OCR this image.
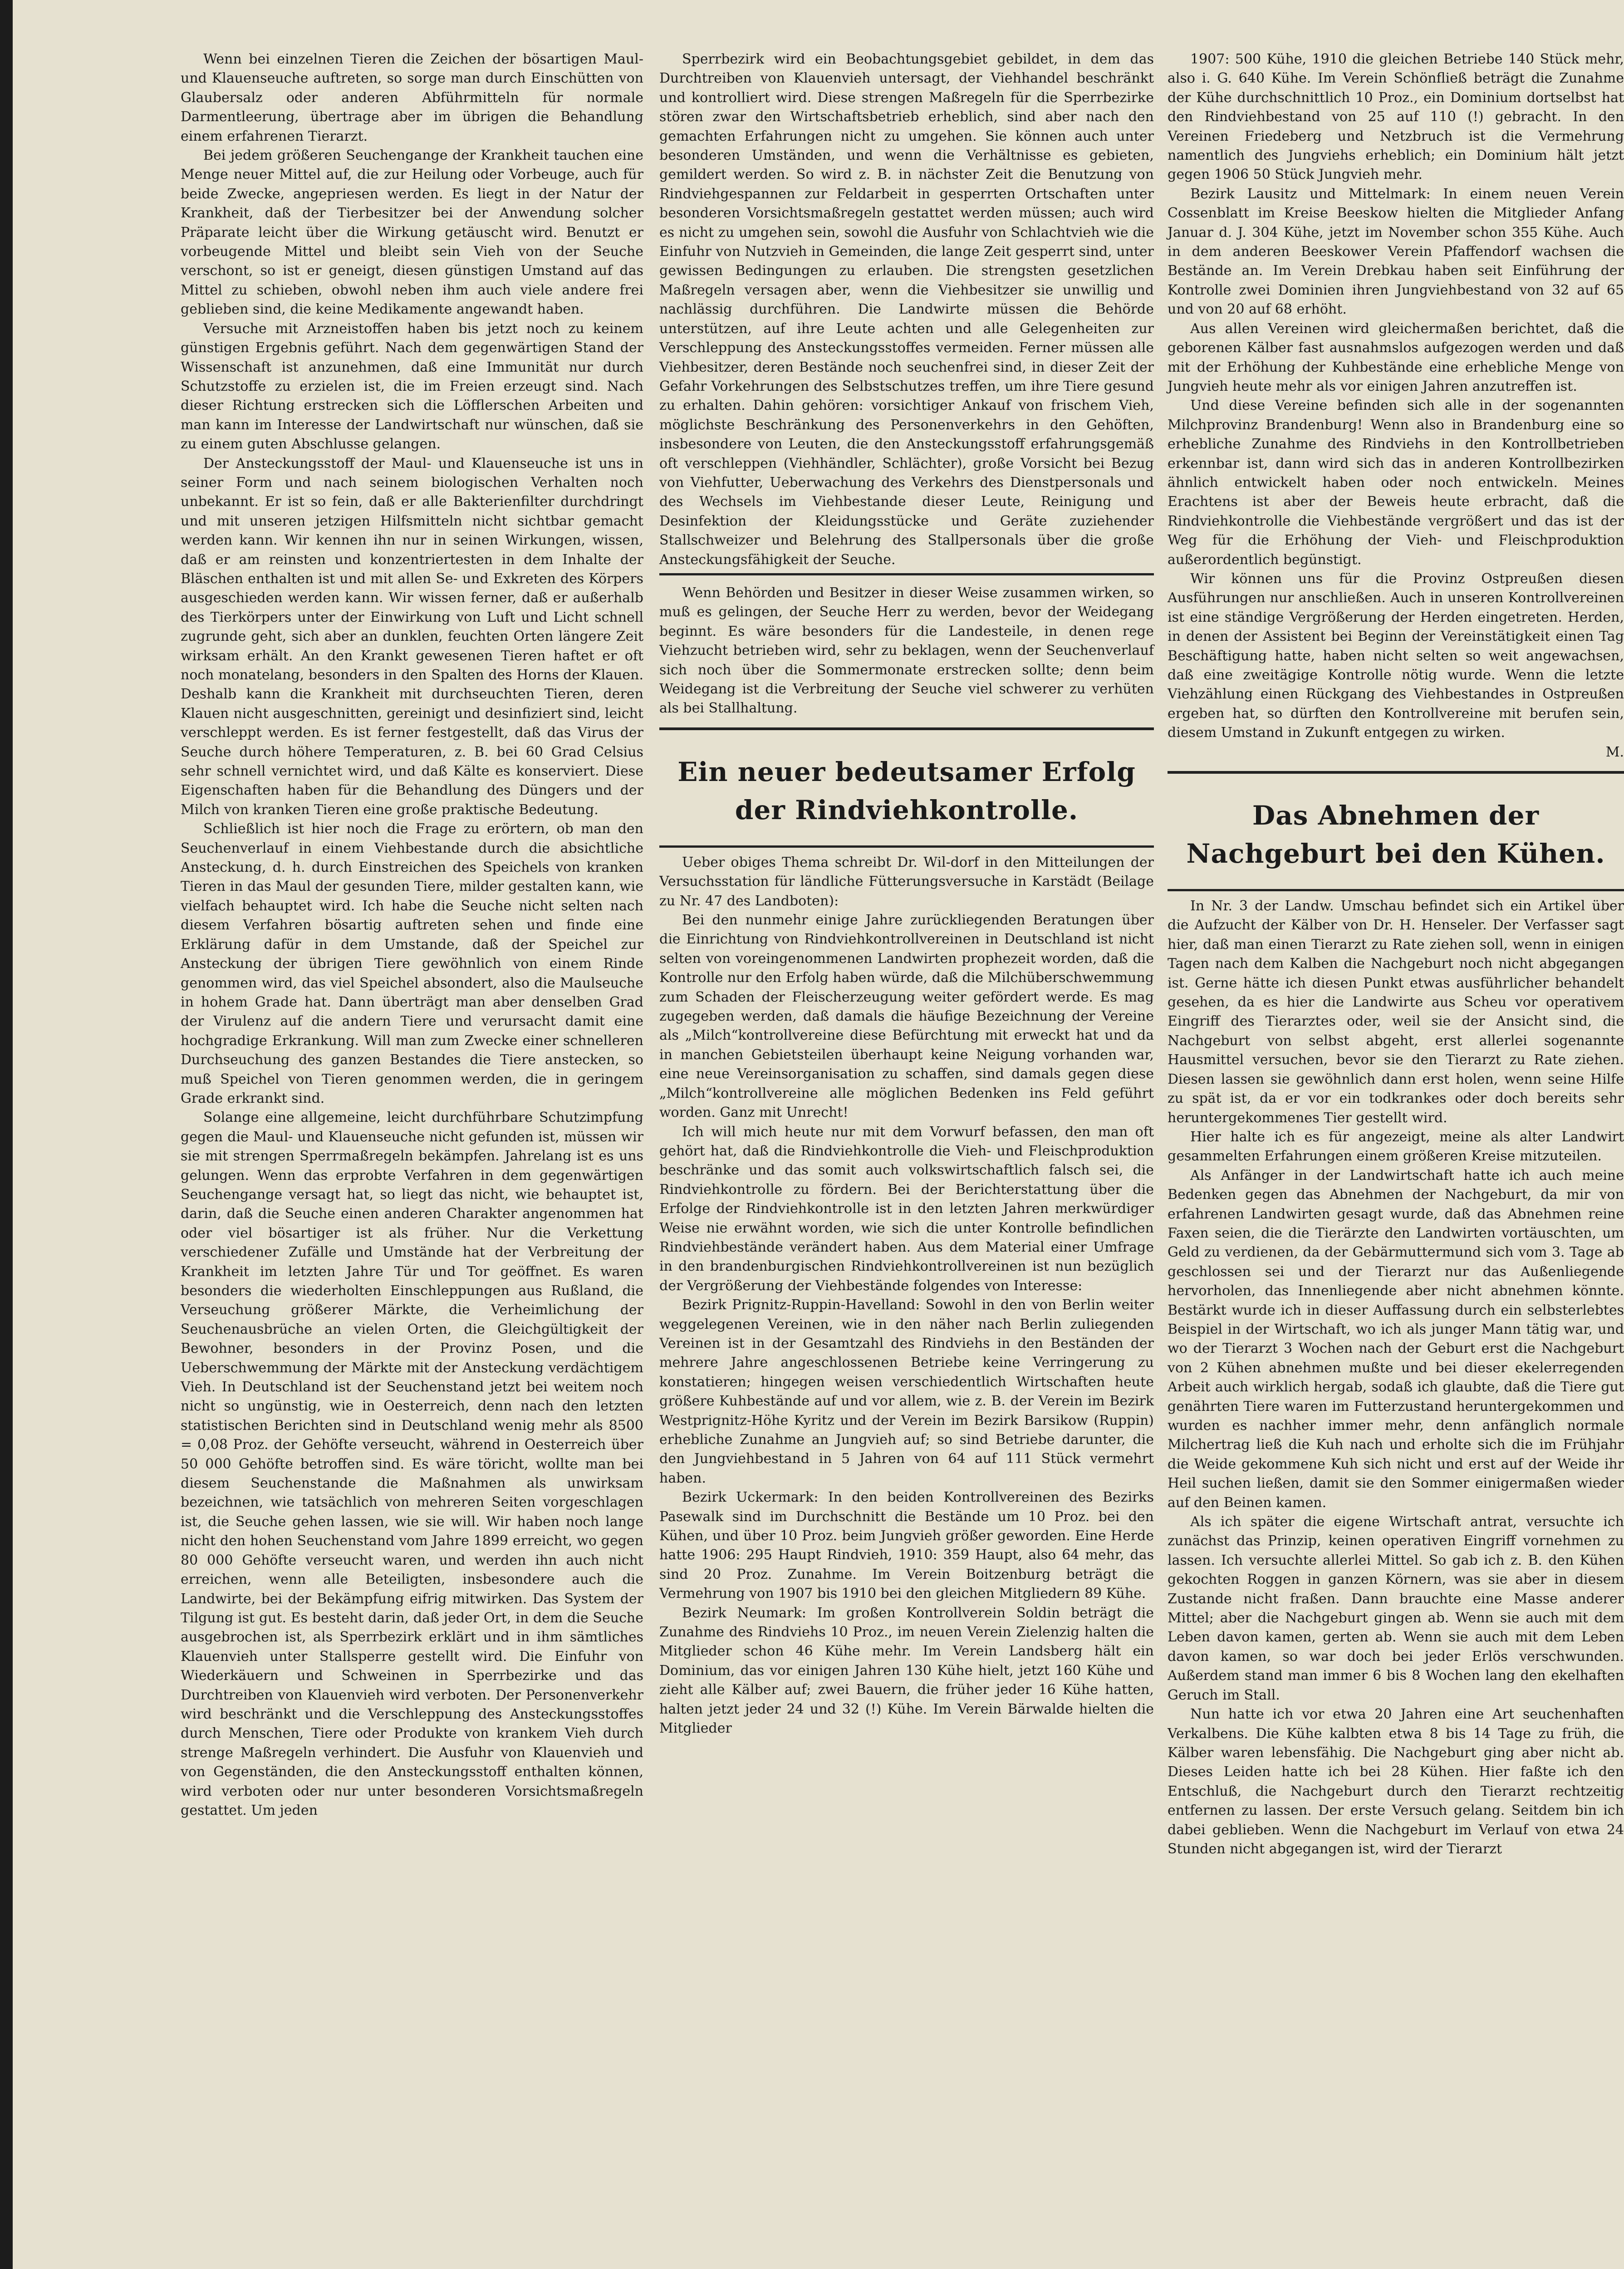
Wenn bei einzelnen Tieren die Zeichen der bösartigen Maul- und Klauenseuche auftreten, so sorge man durch Einschütten von Glaubersalz oder anderen Abführmitteln für normale Darmentleerung, übertrage aber im übrigen die Behandlung einem erfahrenen Tierarzt.

Bei jedem größeren Seuchengange der Krankheit tauchen eine Menge neuer Mittel auf, die zur Heilung oder Vorbeuge, auch für beide Zwecke, angepriesen werden. Es liegt in der Natur der Krankheit, daß der Tierbesitzer bei der Anwendung solcher Präparate leicht über die Wirkung getäuscht wird. Benutzt er vorbeugende Mittel und bleibt sein Vieh von der Seuche verschont, so ist er geneigt, diesen günstigen Umstand auf das Mittel zu schieben, obwohl neben ihm auch viele andere frei geblieben sind, die keine Medikamente angewandt haben.

Versuche mit Arzneistoffen haben bis jetzt noch zu keinem günstigen Ergebnis geführt. Nach dem gegenwärtigen Stand der Wissenschaft ist anzunehmen, daß eine Immunität nur durch Schutzstoffe zu erzielen ist, die im Freien erzeugt sind. Nach dieser Richtung erstrecken sich die Löfflerschen Arbeiten und man kann im Interesse der Landwirtschaft nur wünschen, daß sie zu einem guten Abschlusse gelangen.

Der Ansteckungsstoff der Maul- und Klauenseuche ist uns in seiner Form und nach seinem biologischen Verhalten noch unbekannt. Er ist so fein, daß er alle Bakterienfilter durchdringt und mit unseren jetzigen Hilfsmitteln nicht sichtbar gemacht werden kann. Wir kennen ihn nur in seinen Wirkungen, wissen, daß er am reinsten und konzentriertesten in dem Inhalte der Bläschen enthalten ist und mit allen Se- und Exkreten des Körpers ausgeschieden werden kann. Wir wissen ferner, daß er außerhalb des Tierkörpers unter der Einwirkung von Luft und Licht schnell zugrunde geht, sich aber an dunklen, feuchten Orten längere Zeit wirksam erhält. An den Krankt gewesenen Tieren haftet er oft noch monatelang, besonders in den Spalten des Horns der Klauen. Deshalb kann die Krankheit mit durchseuchten Tieren, deren Klauen nicht ausgeschnitten, gereinigt und desinfiziert sind, leicht verschleppt werden. Es ist ferner festgestellt, daß das Virus der Seuche durch höhere Temperaturen, z. B. bei 60 Grad Celsius sehr schnell vernichtet wird, und daß Kälte es konserviert. Diese Eigenschaften haben für die Behandlung des Düngers und der Milch von kranken Tieren eine große praktische Bedeutung.

Schließlich ist hier noch die Frage zu erörtern, ob man den Seuchenverlauf in einem Viehbestande durch die absichtliche Ansteckung, d. h. durch Einstreichen des Speichels von kranken Tieren in das Maul der gesunden Tiere, milder gestalten kann, wie vielfach behauptet wird. Ich habe die Seuche nicht selten nach diesem Verfahren bösartig auftreten sehen und finde eine Erklärung dafür in dem Umstande, daß der Speichel zur Ansteckung der übrigen Tiere gewöhnlich von einem Rinde genommen wird, das viel Speichel absondert, also die Maulseuche in hohem Grade hat. Dann überträgt man aber denselben Grad der Virulenz auf die andern Tiere und verursacht damit eine hochgradige Erkrankung. Will man zum Zwecke einer schnelleren Durchseuchung des ganzen Bestandes die Tiere anstecken, so muß Speichel von Tieren genommen werden, die in geringem Grade erkrankt sind.

Solange eine allgemeine, leicht durchführbare Schutzimpfung gegen die Maul- und Klauenseuche nicht gefunden ist, müssen wir sie mit strengen Sperrmaßregeln bekämpfen. Jahrelang ist es uns gelungen. Wenn das erprobte Verfahren in dem gegenwärtigen Seuchengange versagt hat, so liegt das nicht, wie behauptet ist, darin, daß die Seuche einen anderen Charakter angenommen hat oder viel bösartiger ist als früher. Nur die Verkettung verschiedener Zufälle und Umstände hat der Verbreitung der Krankheit im letzten Jahre Tür und Tor geöffnet. Es waren besonders die wiederholten Einschleppungen aus Rußland, die Verseuchung größerer Märkte, die Verheimlichung der Seuchenausbrüche an vielen Orten, die Gleichgültigkeit der Bewohner, besonders in der Provinz Posen, und die Ueberschwemmung der Märkte mit der Ansteckung verdächtigem Vieh. In Deutschland ist der Seuchenstand jetzt bei weitem noch nicht so ungünstig, wie in Oesterreich, denn nach den letzten statistischen Berichten sind in Deutschland wenig mehr als 8500 = 0,08 Proz. der Gehöfte verseucht, während in Oesterreich über 50 000 Gehöfte betroffen sind. Es wäre töricht, wollte man bei diesem Seuchenstande die Maßnahmen als unwirksam bezeichnen, wie tatsächlich von mehreren Seiten vorgeschlagen ist, die Seuche gehen lassen, wie sie will. Wir haben noch lange nicht den hohen Seuchenstand vom Jahre 1899 erreicht, wo gegen 80 000 Gehöfte verseucht waren, und werden ihn auch nicht erreichen, wenn alle Beteiligten, insbesondere auch die Landwirte, bei der Bekämpfung eifrig mitwirken. Das System der Tilgung ist gut. Es besteht darin, daß jeder Ort, in dem die Seuche ausgebrochen ist, als Sperrbezirk erklärt und in ihm sämtliches Klauenvieh unter Stallsperre gestellt wird. Die Einfuhr von Wiederkäuern und Schweinen in Sperrbezirke und das Durchtreiben von Klauenvieh wird verboten. Der Personenverkehr wird beschränkt und die Verschleppung des Ansteckungsstoffes durch Menschen, Tiere oder Produkte von krankem Vieh durch strenge Maßregeln verhindert. Die Ausfuhr von Klauenvieh und von Gegenständen, die den Ansteckungsstoff enthalten können, wird verboten oder nur unter besonderen Vorsichtsmaßregeln gestattet. Um jeden

Sperrbezirk wird ein Beobachtungsgebiet gebildet, in dem das Durchtreiben von Klauenvieh untersagt, der Viehhandel beschränkt und kontrolliert wird. Diese strengen Maßregeln für die Sperrbezirke stören zwar den Wirtschaftsbetrieb erheblich, sind aber nach den gemachten Erfahrungen nicht zu umgehen. Sie können auch unter besonderen Umständen, und wenn die Verhältnisse es gebieten, gemildert werden. So wird z. B. in nächster Zeit die Benutzung von Rindviehgespannen zur Feldarbeit in gesperrten Ortschaften unter besonderen Vorsichtsmaßregeln gestattet werden müssen; auch wird es nicht zu umgehen sein, sowohl die Ausfuhr von Schlachtvieh wie die Einfuhr von Nutzvieh in Gemeinden, die lange Zeit gesperrt sind, unter gewissen Bedingungen zu erlauben. Die strengsten gesetzlichen Maßregeln versagen aber, wenn die Viehbesitzer sie unwillig und nachlässig durchführen. Die Landwirte müssen die Behörde unterstützen, auf ihre Leute achten und alle Gelegenheiten zur Verschleppung des Ansteckungsstoffes vermeiden. Ferner müssen alle Viehbesitzer, deren Bestände noch seuchenfrei sind, in dieser Zeit der Gefahr Vorkehrungen des Selbstschutzes treffen, um ihre Tiere gesund zu erhalten. Dahin gehören: vorsichtiger Ankauf von frischem Vieh, möglichste Beschränkung des Personenverkehrs in den Gehöften, insbesondere von Leuten, die den Ansteckungsstoff erfahrungsgemäß oft verschleppen (Viehhändler, Schlächter), große Vorsicht bei Bezug von Viehfutter, Ueberwachung des Verkehrs des Dienstpersonals und des Wechsels im Viehbestande dieser Leute, Reinigung und Desinfektion der Kleidungsstücke und Geräte zuziehender Stallschweizer und Belehrung des Stallpersonals über die große Ansteckungsfähigkeit der Seuche.

Wenn Behörden und Besitzer in dieser Weise zusammen wirken, so muß es gelingen, der Seuche Herr zu werden, bevor der Weidegang beginnt. Es wäre besonders für die Landesteile, in denen rege Viehzucht betrieben wird, sehr zu beklagen, wenn der Seuchenverlauf sich noch über die Sommermonate erstrecken sollte; denn beim Weidegang ist die Verbreitung der Seuche viel schwerer zu verhüten als bei Stallhaltung.

Ein neuer bedeutsamer Erfolg der Rindviehkontrolle.

Ueber obiges Thema schreibt Dr. Wil-dorf in den Mitteilungen der Versuchsstation für ländliche Fütterungsversuche in Karstädt (Beilage zu Nr. 47 des Landboten):

Bei den nunmehr einige Jahre zurückliegenden Beratungen über die Einrichtung von Rindviehkontrollvereinen in Deutschland ist nicht selten von voreingenommenen Landwirten prophezeit worden, daß die Kontrolle nur den Erfolg haben würde, daß die Milchüberschwemmung zum Schaden der Fleischerzeugung weiter gefördert werde. Es mag zugegeben werden, daß damals die häufige Bezeichnung der Vereine als „Milch“kontrollvereine diese Befürchtung mit erweckt hat und da in manchen Gebietsteilen überhaupt keine Neigung vorhanden war, eine neue Vereinsorganisation zu schaffen, sind damals gegen diese „Milch“kontrollvereine alle möglichen Bedenken ins Feld geführt worden. Ganz mit Unrecht!

Ich will mich heute nur mit dem Vorwurf befassen, den man oft gehört hat, daß die Rindviehkontrolle die Vieh- und Fleischproduktion beschränke und das somit auch volkswirtschaftlich falsch sei, die Rindviehkontrolle zu fördern. Bei der Berichterstattung über die Erfolge der Rindviehkontrolle ist in den letzten Jahren merkwürdiger Weise nie erwähnt worden, wie sich die unter Kontrolle befindlichen Rindviehbestände verändert haben. Aus dem Material einer Umfrage in den brandenburgischen Rindviehkontrollvereinen ist nun bezüglich der Vergrößerung der Viehbestände folgendes von Interesse:

Bezirk Prignitz-Ruppin-Havelland: Sowohl in den von Berlin weiter weggelegenen Vereinen, wie in den näher nach Berlin zuliegenden Vereinen ist in der Gesamtzahl des Rindviehs in den Beständen der mehrere Jahre angeschlossenen Betriebe keine Verringerung zu konstatieren; hingegen weisen verschiedentlich Wirtschaften heute größere Kuhbestände auf und vor allem, wie z. B. der Verein im Bezirk Westprignitz-Höhe Kyritz und der Verein im Bezirk Barsikow (Ruppin) erhebliche Zunahme an Jungvieh auf; so sind Betriebe darunter, die den Jungviehbestand in 5 Jahren von 64 auf 111 Stück vermehrt haben.

Bezirk Uckermark: In den beiden Kontrollvereinen des Bezirks Pasewalk sind im Durchschnitt die Bestände um 10 Proz. bei den Kühen, und über 10 Proz. beim Jungvieh größer geworden. Eine Herde hatte 1906: 295 Haupt Rindvieh, 1910: 359 Haupt, also 64 mehr, das sind 20 Proz. Zunahme. Im Verein Boitzenburg beträgt die Vermehrung von 1907 bis 1910 bei den gleichen Mitgliedern 89 Kühe.

Bezirk Neumark: Im großen Kontrollverein Soldin beträgt die Zunahme des Rindviehs 10 Proz., im neuen Verein Zielenzig halten die Mitglieder schon 46 Kühe mehr. Im Verein Landsberg hält ein Dominium, das vor einigen Jahren 130 Kühe hielt, jetzt 160 Kühe und zieht alle Kälber auf; zwei Bauern, die früher jeder 16 Kühe hatten, halten jetzt jeder 24 und 32 (!) Kühe. Im Verein Bärwalde hielten die Mitglieder

1907: 500 Kühe, 1910 die gleichen Betriebe 140 Stück mehr, also i. G. 640 Kühe. Im Verein Schönfließ beträgt die Zunahme der Kühe durchschnittlich 10 Proz., ein Dominium dortselbst hat den Rindviehbestand von 25 auf 110 (!) gebracht. In den Vereinen Friedeberg und Netzbruch ist die Vermehrung namentlich des Jungviehs erheblich; ein Dominium hält jetzt gegen 1906 50 Stück Jungvieh mehr.

Bezirk Lausitz und Mittelmark: In einem neuen Verein Cossenblatt im Kreise Beeskow hielten die Mitglieder Anfang Januar d. J. 304 Kühe, jetzt im November schon 355 Kühe. Auch in dem anderen Beeskower Verein Pfaffendorf wachsen die Bestände an. Im Verein Drebkau haben seit Einführung der Kontrolle zwei Dominien ihren Jungviehbestand von 32 auf 65 und von 20 auf 68 erhöht.

Aus allen Vereinen wird gleichermaßen berichtet, daß die geborenen Kälber fast ausnahmslos aufgezogen werden und daß mit der Erhöhung der Kuhbestände eine erhebliche Menge von Jungvieh heute mehr als vor einigen Jahren anzutreffen ist.

Und diese Vereine befinden sich alle in der sogenannten Milchprovinz Brandenburg! Wenn also in Brandenburg eine so erhebliche Zunahme des Rindviehs in den Kontrollbetrieben erkennbar ist, dann wird sich das in anderen Kontrollbezirken ähnlich entwickelt haben oder noch entwickeln. Meines Erachtens ist aber der Beweis heute erbracht, daß die Rindviehkontrolle die Viehbestände vergrößert und das ist der Weg für die Erhöhung der Vieh- und Fleischproduktion außerordentlich begünstigt.

Wir können uns für die Provinz Ostpreußen diesen Ausführungen nur anschließen. Auch in unseren Kontrollvereinen ist eine ständige Vergrößerung der Herden eingetreten. Herden, in denen der Assistent bei Beginn der Vereinstätigkeit einen Tag Beschäftigung hatte, haben nicht selten so weit angewachsen, daß eine zweitägige Kontrolle nötig wurde. Wenn die letzte Viehzählung einen Rückgang des Viehbestandes in Ostpreußen ergeben hat, so dürften den Kontrollvereine mit berufen sein, diesem Umstand in Zukunft entgegen zu wirken.

M.
Das Abnehmen der Nachgeburt bei den Kühen.

In Nr. 3 der Landw. Umschau befindet sich ein Artikel über die Aufzucht der Kälber von Dr. H. Henseler. Der Verfasser sagt hier, daß man einen Tierarzt zu Rate ziehen soll, wenn in einigen Tagen nach dem Kalben die Nachgeburt noch nicht abgegangen ist. Gerne hätte ich diesen Punkt etwas ausführlicher behandelt gesehen, da es hier die Landwirte aus Scheu vor operativem Eingriff des Tierarztes oder, weil sie der Ansicht sind, die Nachgeburt von selbst abgeht, erst allerlei sogenannte Hausmittel versuchen, bevor sie den Tierarzt zu Rate ziehen. Diesen lassen sie gewöhnlich dann erst holen, wenn seine Hilfe zu spät ist, da er vor ein todkrankes oder doch bereits sehr heruntergekommenes Tier gestellt wird.

Hier halte ich es für angezeigt, meine als alter Landwirt gesammelten Erfahrungen einem größeren Kreise mitzuteilen.

Als Anfänger in der Landwirtschaft hatte ich auch meine Bedenken gegen das Abnehmen der Nachgeburt, da mir von erfahrenen Landwirten gesagt wurde, daß das Abnehmen reine Faxen seien, die die Tierärzte den Landwirten vortäuschten, um Geld zu verdienen, da der Gebärmuttermund sich vom 3. Tage ab geschlossen sei und der Tierarzt nur das Außenliegende hervorholen, das Innenliegende aber nicht abnehmen könnte. Bestärkt wurde ich in dieser Auffassung durch ein selbsterlebtes Beispiel in der Wirtschaft, wo ich als junger Mann tätig war, und wo der Tierarzt 3 Wochen nach der Geburt erst die Nachgeburt von 2 Kühen abnehmen mußte und bei dieser ekelerregenden Arbeit auch wirklich hergab, sodaß ich glaubte, daß die Tiere gut genährten Tiere waren im Futterzustand heruntergekommen und wurden es nachher immer mehr, denn anfänglich normale Milchertrag ließ die Kuh nach und erholte sich die im Frühjahr die Weide gekommene Kuh sich nicht und erst auf der Weide ihr Heil suchen ließen, damit sie den Sommer einigermaßen wieder auf den Beinen kamen.

Als ich später die eigene Wirtschaft antrat, versuchte ich zunächst das Prinzip, keinen operativen Eingriff vornehmen zu lassen. Ich versuchte allerlei Mittel. So gab ich z. B. den Kühen gekochten Roggen in ganzen Körnern, was sie aber in diesem Zustande nicht fraßen. Dann brauchte eine Masse anderer Mittel; aber die Nachgeburt gingen ab. Wenn sie auch mit dem Leben davon kamen, gerten ab. Wenn sie auch mit dem Leben davon kamen, so war doch bei jeder Erlös verschwunden. Außerdem stand man immer 6 bis 8 Wochen lang den ekelhaften Geruch im Stall.

Nun hatte ich vor etwa 20 Jahren eine Art seuchenhaften Verkalbens. Die Kühe kalbten etwa 8 bis 14 Tage zu früh, die Kälber waren lebensfähig. Die Nachgeburt ging aber nicht ab. Dieses Leiden hatte ich bei 28 Kühen. Hier faßte ich den Entschluß, die Nachgeburt durch den Tierarzt rechtzeitig entfernen zu lassen. Der erste Versuch gelang. Seitdem bin ich dabei geblieben. Wenn die Nachgeburt im Verlauf von etwa 24 Stunden nicht abgegangen ist, wird der Tierarzt
